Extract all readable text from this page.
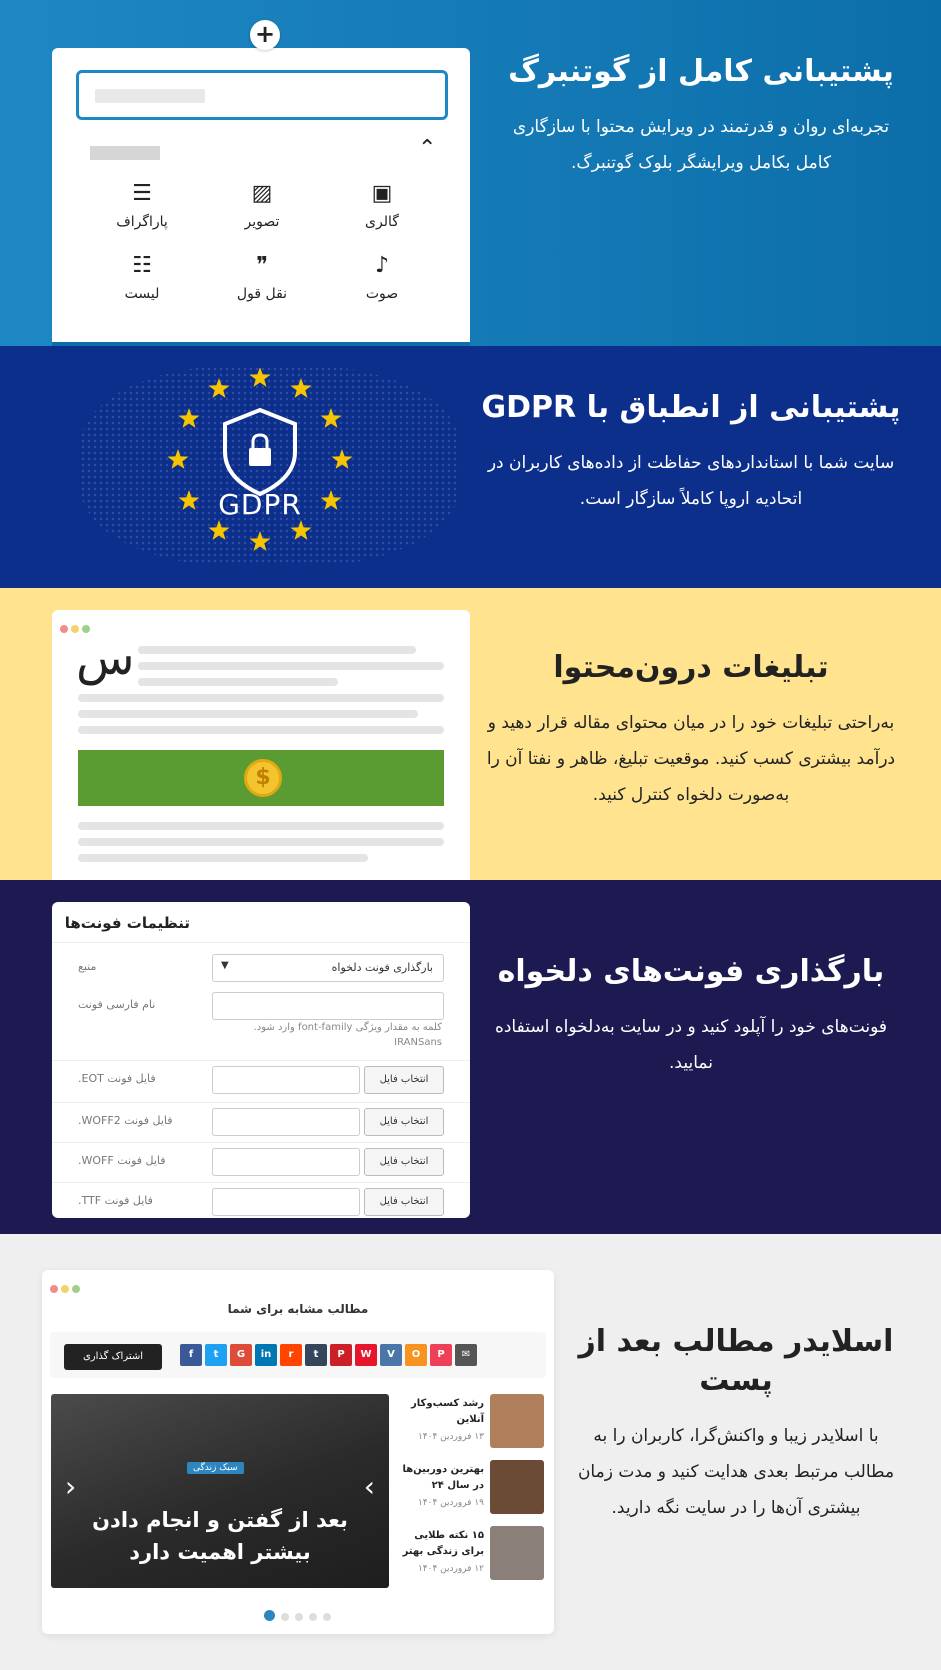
⌃
☰
پاراگراف
▨
تصویر
▣
گالری
☷
لیست
❞
نقل قول
♪
صوت
+
پشتیبانی کامل از گوتنبرگ
تجربه‌ای روان و قدرتمند در ویرایش محتوا با سازگاری کامل بکامل ویرایشگر بلوک گوتنبرگ.
GDPR
پشتیبانی از انطباق با GDPR
سایت شما با استانداردهای حفاظت از داده‌های کاربران در اتحادیه اروپا کاملاً سازگار است.
س
$
تبلیغات درون‌محتوا
به‌راحتی تبلیغات خود را در میان محتوای مقاله قرار دهید و درآمد بیشتری کسب کنید. موقعیت تبلیغ، ظاهر و نفتا آن را به‌صورت دلخواه کنترل کنید.
تنظیمات فونت‌ها
منبع	بارگذاری فونت دلخواه
▼
نام فارسی فونت
کلمه به مقدار ویژگی font-family وارد شود. IRANSans
فایل فونت EOT.	انتخاب فایل
فایل فونت WOFF2.	انتخاب فایل
فایل فونت WOFF.	انتخاب فایل
فایل فونت TTF.	انتخاب فایل
بارگذاری فونت‌های دلخواه
فونت‌های خود را آپلود کنید و در سایت به‌دلخواه استفاده نمایید.
مطالب مشابه برای شما
اشتراک گذاری	f	t	G	in	r	t	P	W	V	O	P	✉
سبک زندگی
بعد از گفتن و انجام دادن بیشتر اهمیت دارد
‹	›
رشد کسب‌وکار آنلاین
۱۳ فروردین ۱۴۰۴
بهترین دوربین‌ها در سال ۲۴
۱۹ فروردین ۱۴۰۴
۱۵ نکته طلایی برای زندگی بهتر
۱۲ فروردین ۱۴۰۴
اسلایدر مطالب بعد از پست
با اسلایدر زیبا و واکنش‌گرا، کاربران را به مطالب مرتبط بعدی هدایت کنید و مدت زمان بیشتری آن‌ها را در سایت نگه دارید.
